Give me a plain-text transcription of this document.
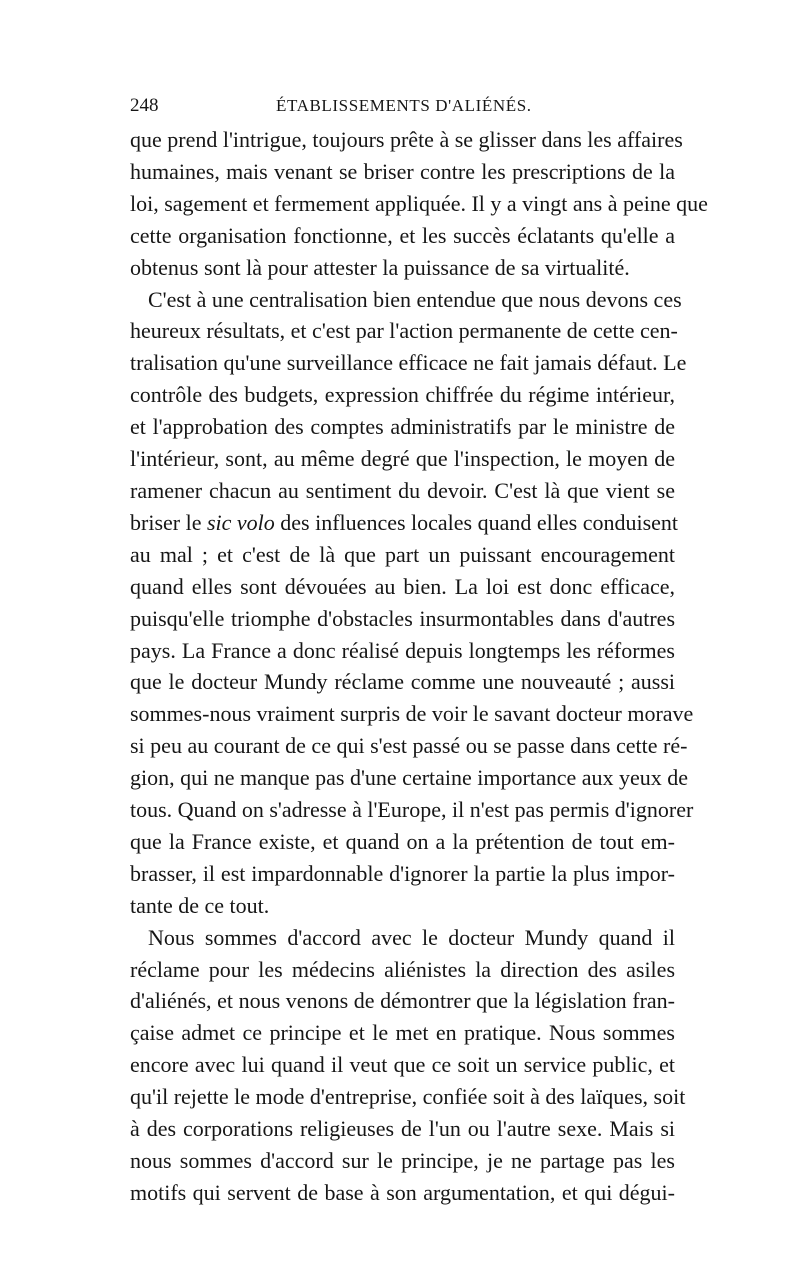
248	ÉTABLISSEMENTS D'ALIÉNÉS.
que prend l'intrigue, toujours prête à se glisser dans les affaires
humaines, mais venant se briser contre les prescriptions de la
loi, sagement et fermement appliquée. Il y a vingt ans à peine que
cette organisation fonctionne, et les succès éclatants qu'elle a
obtenus sont là pour attester la puissance de sa virtualité.
C'est à une centralisation bien entendue que nous devons ces
heureux résultats, et c'est par l'action permanente de cette cen-
tralisation qu'une surveillance efficace ne fait jamais défaut. Le
contrôle des budgets, expression chiffrée du régime intérieur,
et l'approbation des comptes administratifs par le ministre de
l'intérieur, sont, au même degré que l'inspection, le moyen de
ramener chacun au sentiment du devoir. C'est là que vient se
briser le sic volo des influences locales quand elles conduisent
au mal ; et c'est de là que part un puissant encouragement
quand elles sont dévouées au bien. La loi est donc efficace,
puisqu'elle triomphe d'obstacles insurmontables dans d'autres
pays. La France a donc réalisé depuis longtemps les réformes
que le docteur Mundy réclame comme une nouveauté ; aussi
sommes-nous vraiment surpris de voir le savant docteur morave
si peu au courant de ce qui s'est passé ou se passe dans cette ré-
gion, qui ne manque pas d'une certaine importance aux yeux de
tous. Quand on s'adresse à l'Europe, il n'est pas permis d'ignorer
que la France existe, et quand on a la prétention de tout em-
brasser, il est impardonnable d'ignorer la partie la plus impor-
tante de ce tout.
Nous sommes d'accord avec le docteur Mundy quand il
réclame pour les médecins aliénistes la direction des asiles
d'aliénés, et nous venons de démontrer que la législation fran-
çaise admet ce principe et le met en pratique. Nous sommes
encore avec lui quand il veut que ce soit un service public, et
qu'il rejette le mode d'entreprise, confiée soit à des laïques, soit
à des corporations religieuses de l'un ou l'autre sexe. Mais si
nous sommes d'accord sur le principe, je ne partage pas les
motifs qui servent de base à son argumentation, et qui dégui-
